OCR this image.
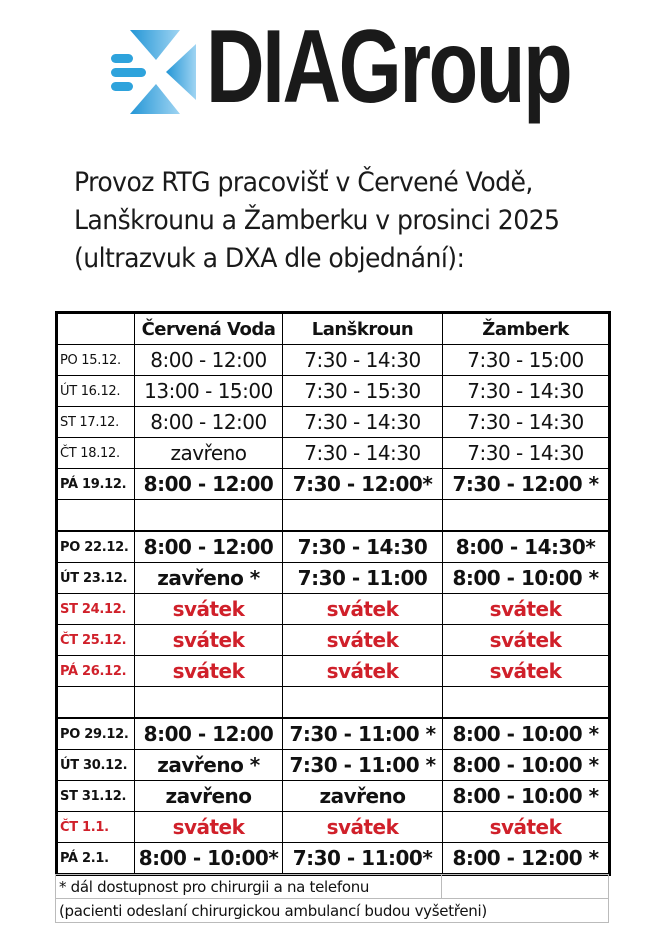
DIAGroup
Provoz RTG pracovišť v Červené Vodě,
Lanškrounu a Žamberku v prosinci 2025
(ultrazvuk a DXA dle objednání):
	Červená Voda	Lanškroun	Žamberk
PO 15.12.	8:00 - 12:00	7:30 - 14:30	7:30 - 15:00
ÚT 16.12.	13:00 - 15:00	7:30 - 15:30	7:30 - 14:30
ST 17.12.	8:00 - 12:00	7:30 - 14:30	7:30 - 14:30
ČT 18.12.	zavřeno	7:30 - 14:30	7:30 - 14:30
PÁ 19.12.	8:00 - 12:00	7:30 - 12:00*	7:30 - 12:00 *

PO 22.12.	8:00 - 12:00	7:30 - 14:30	8:00 - 14:30*
ÚT 23.12.	zavřeno *	7:30 - 11:00	8:00 - 10:00 *
ST 24.12.	svátek	svátek	svátek
ČT 25.12.	svátek	svátek	svátek
PÁ 26.12.	svátek	svátek	svátek

PO 29.12.	8:00 - 12:00	7:30 - 11:00 *	8:00 - 10:00 *
ÚT 30.12.	zavřeno *	7:30 - 11:00 *	8:00 - 10:00 *
ST 31.12.	zavřeno	zavřeno	8:00 - 10:00 *
ČT 1.1.	svátek	svátek	svátek
PÁ 2.1.	8:00 - 10:00*	7:30 - 11:00*	8:00 - 12:00 *
* dál dostupnost pro chirurgii a na telefonu
(pacienti odeslaní chirurgickou ambulancí budou vyšetřeni)
